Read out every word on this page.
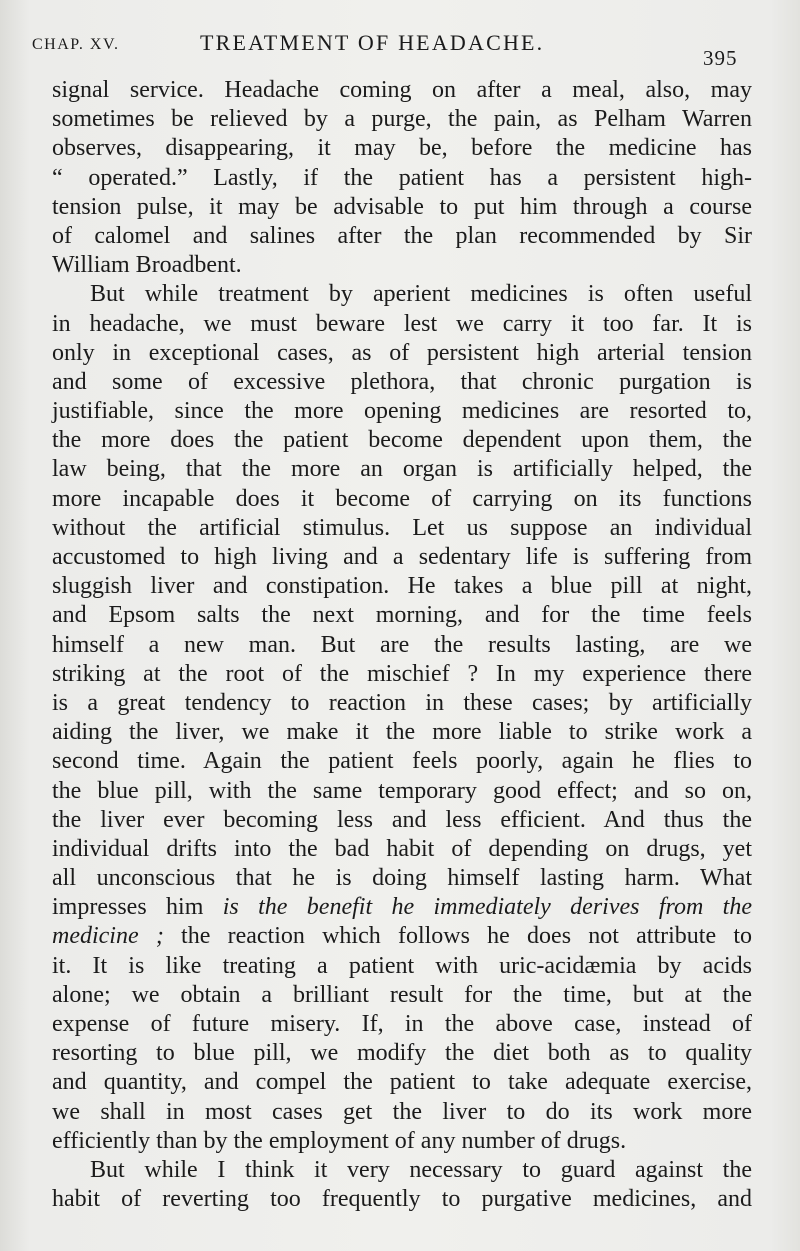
CHAP. XV.	TREATMENT OF HEADACHE.
395
signal service. Headache coming on after a meal, also, may
sometimes be relieved by a purge, the pain, as Pelham Warren
observes, disappearing, it may be, before the medicine has
“ operated.” Lastly, if the patient has a persistent high-
tension pulse, it may be advisable to put him through a course
of calomel and salines after the plan recommended by Sir
William Broadbent.
But while treatment by aperient medicines is often useful
in headache, we must beware lest we carry it too far. It is
only in exceptional cases, as of persistent high arterial tension
and some of excessive plethora, that chronic purgation is
justifiable, since the more opening medicines are resorted to,
the more does the patient become dependent upon them, the
law being, that the more an organ is artificially helped, the
more incapable does it become of carrying on its functions
without the artificial stimulus. Let us suppose an individual
accustomed to high living and a sedentary life is suffering from
sluggish liver and constipation. He takes a blue pill at night,
and Epsom salts the next morning, and for the time feels
himself a new man. But are the results lasting, are we
striking at the root of the mischief ? In my experience there
is a great tendency to reaction in these cases; by artificially
aiding the liver, we make it the more liable to strike work a
second time. Again the patient feels poorly, again he flies to
the blue pill, with the same temporary good effect; and so on,
the liver ever becoming less and less efficient. And thus the
individual drifts into the bad habit of depending on drugs, yet
all unconscious that he is doing himself lasting harm. What
impresses him is the benefit he immediately derives from the
medicine ; the reaction which follows he does not attribute to
it. It is like treating a patient with uric-acidæmia by acids
alone; we obtain a brilliant result for the time, but at the
expense of future misery. If, in the above case, instead of
resorting to blue pill, we modify the diet both as to quality
and quantity, and compel the patient to take adequate exercise,
we shall in most cases get the liver to do its work more
efficiently than by the employment of any number of drugs.
But while I think it very necessary to guard against the
habit of reverting too frequently to purgative medicines, and
